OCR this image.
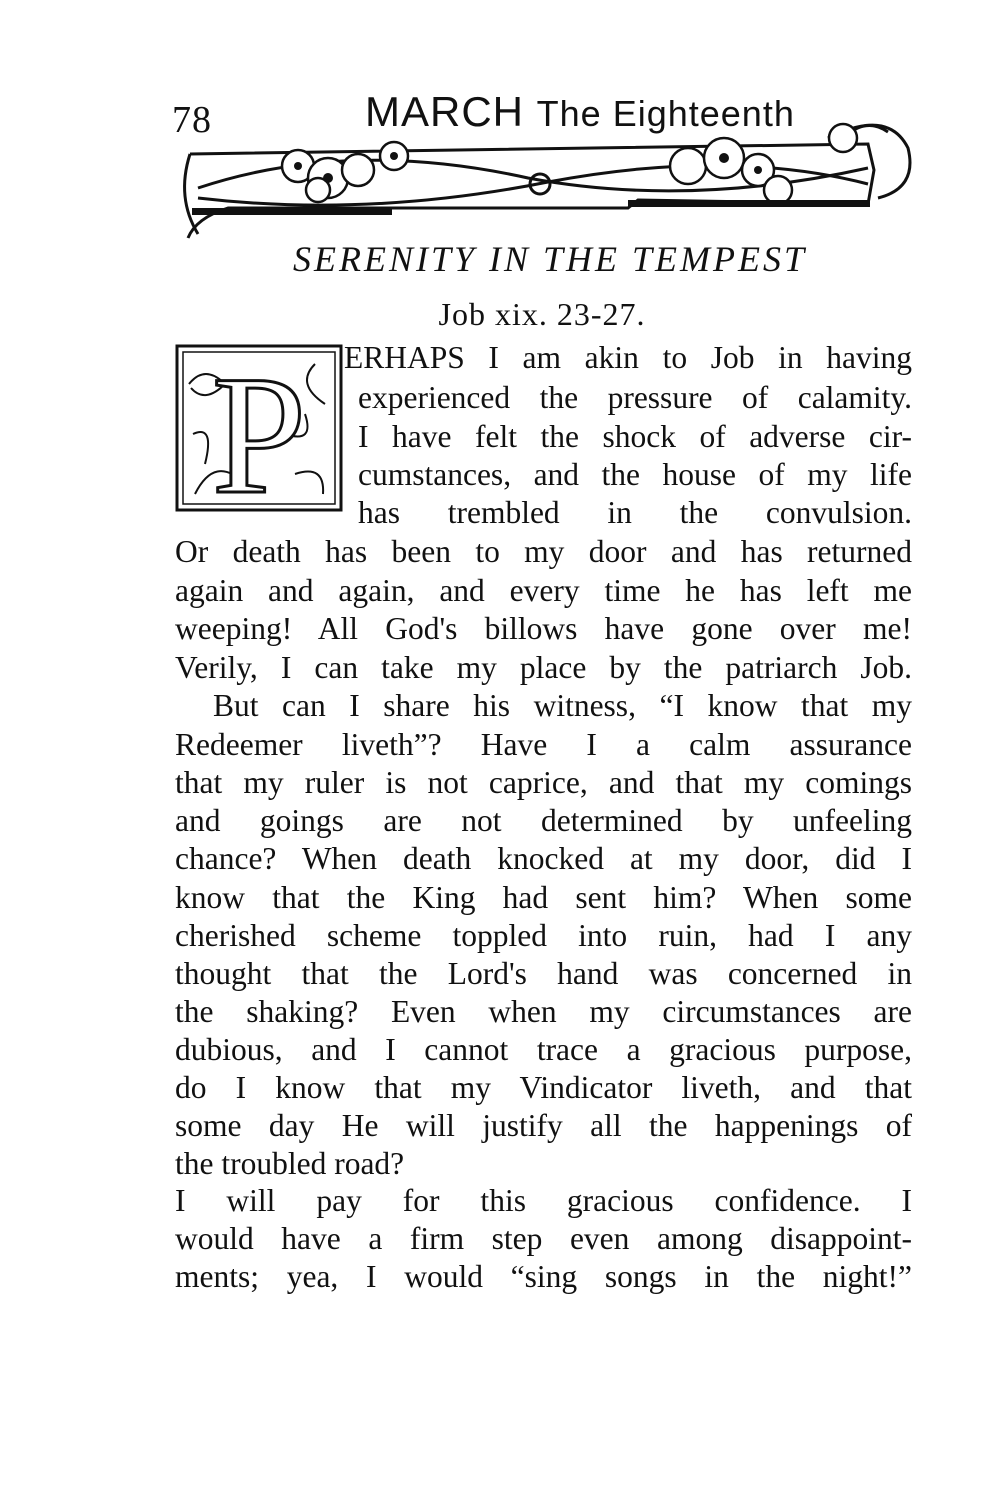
78	MARCH The Eighteenth
SERENITY IN THE TEMPEST
Job xix. 23-27.
P ERHAPS I am akin to Job in having
experienced the pressure of calamity.
I have felt the shock of adverse cir-
cumstances, and the house of my life
has trembled in the convulsion.
Or death has been to my door and has returned
again and again, and every time he has left me
weeping! All God's billows have gone over me!
Verily, I can take my place by the patriarch Job.
But can I share his witness, “I know that my
Redeemer liveth”? Have I a calm assurance
that my ruler is not caprice, and that my comings
and goings are not determined by unfeeling
chance? When death knocked at my door, did I
know that the King had sent him? When some
cherished scheme toppled into ruin, had I any
thought that the Lord's hand was concerned in
the shaking? Even when my circumstances are
dubious, and I cannot trace a gracious purpose,
do I know that my Vindicator liveth, and that
some day He will justify all the happenings of
the troubled road?
I will pay for this gracious confidence. I
would have a firm step even among disappoint-
ments; yea, I would “sing songs in the night!”
